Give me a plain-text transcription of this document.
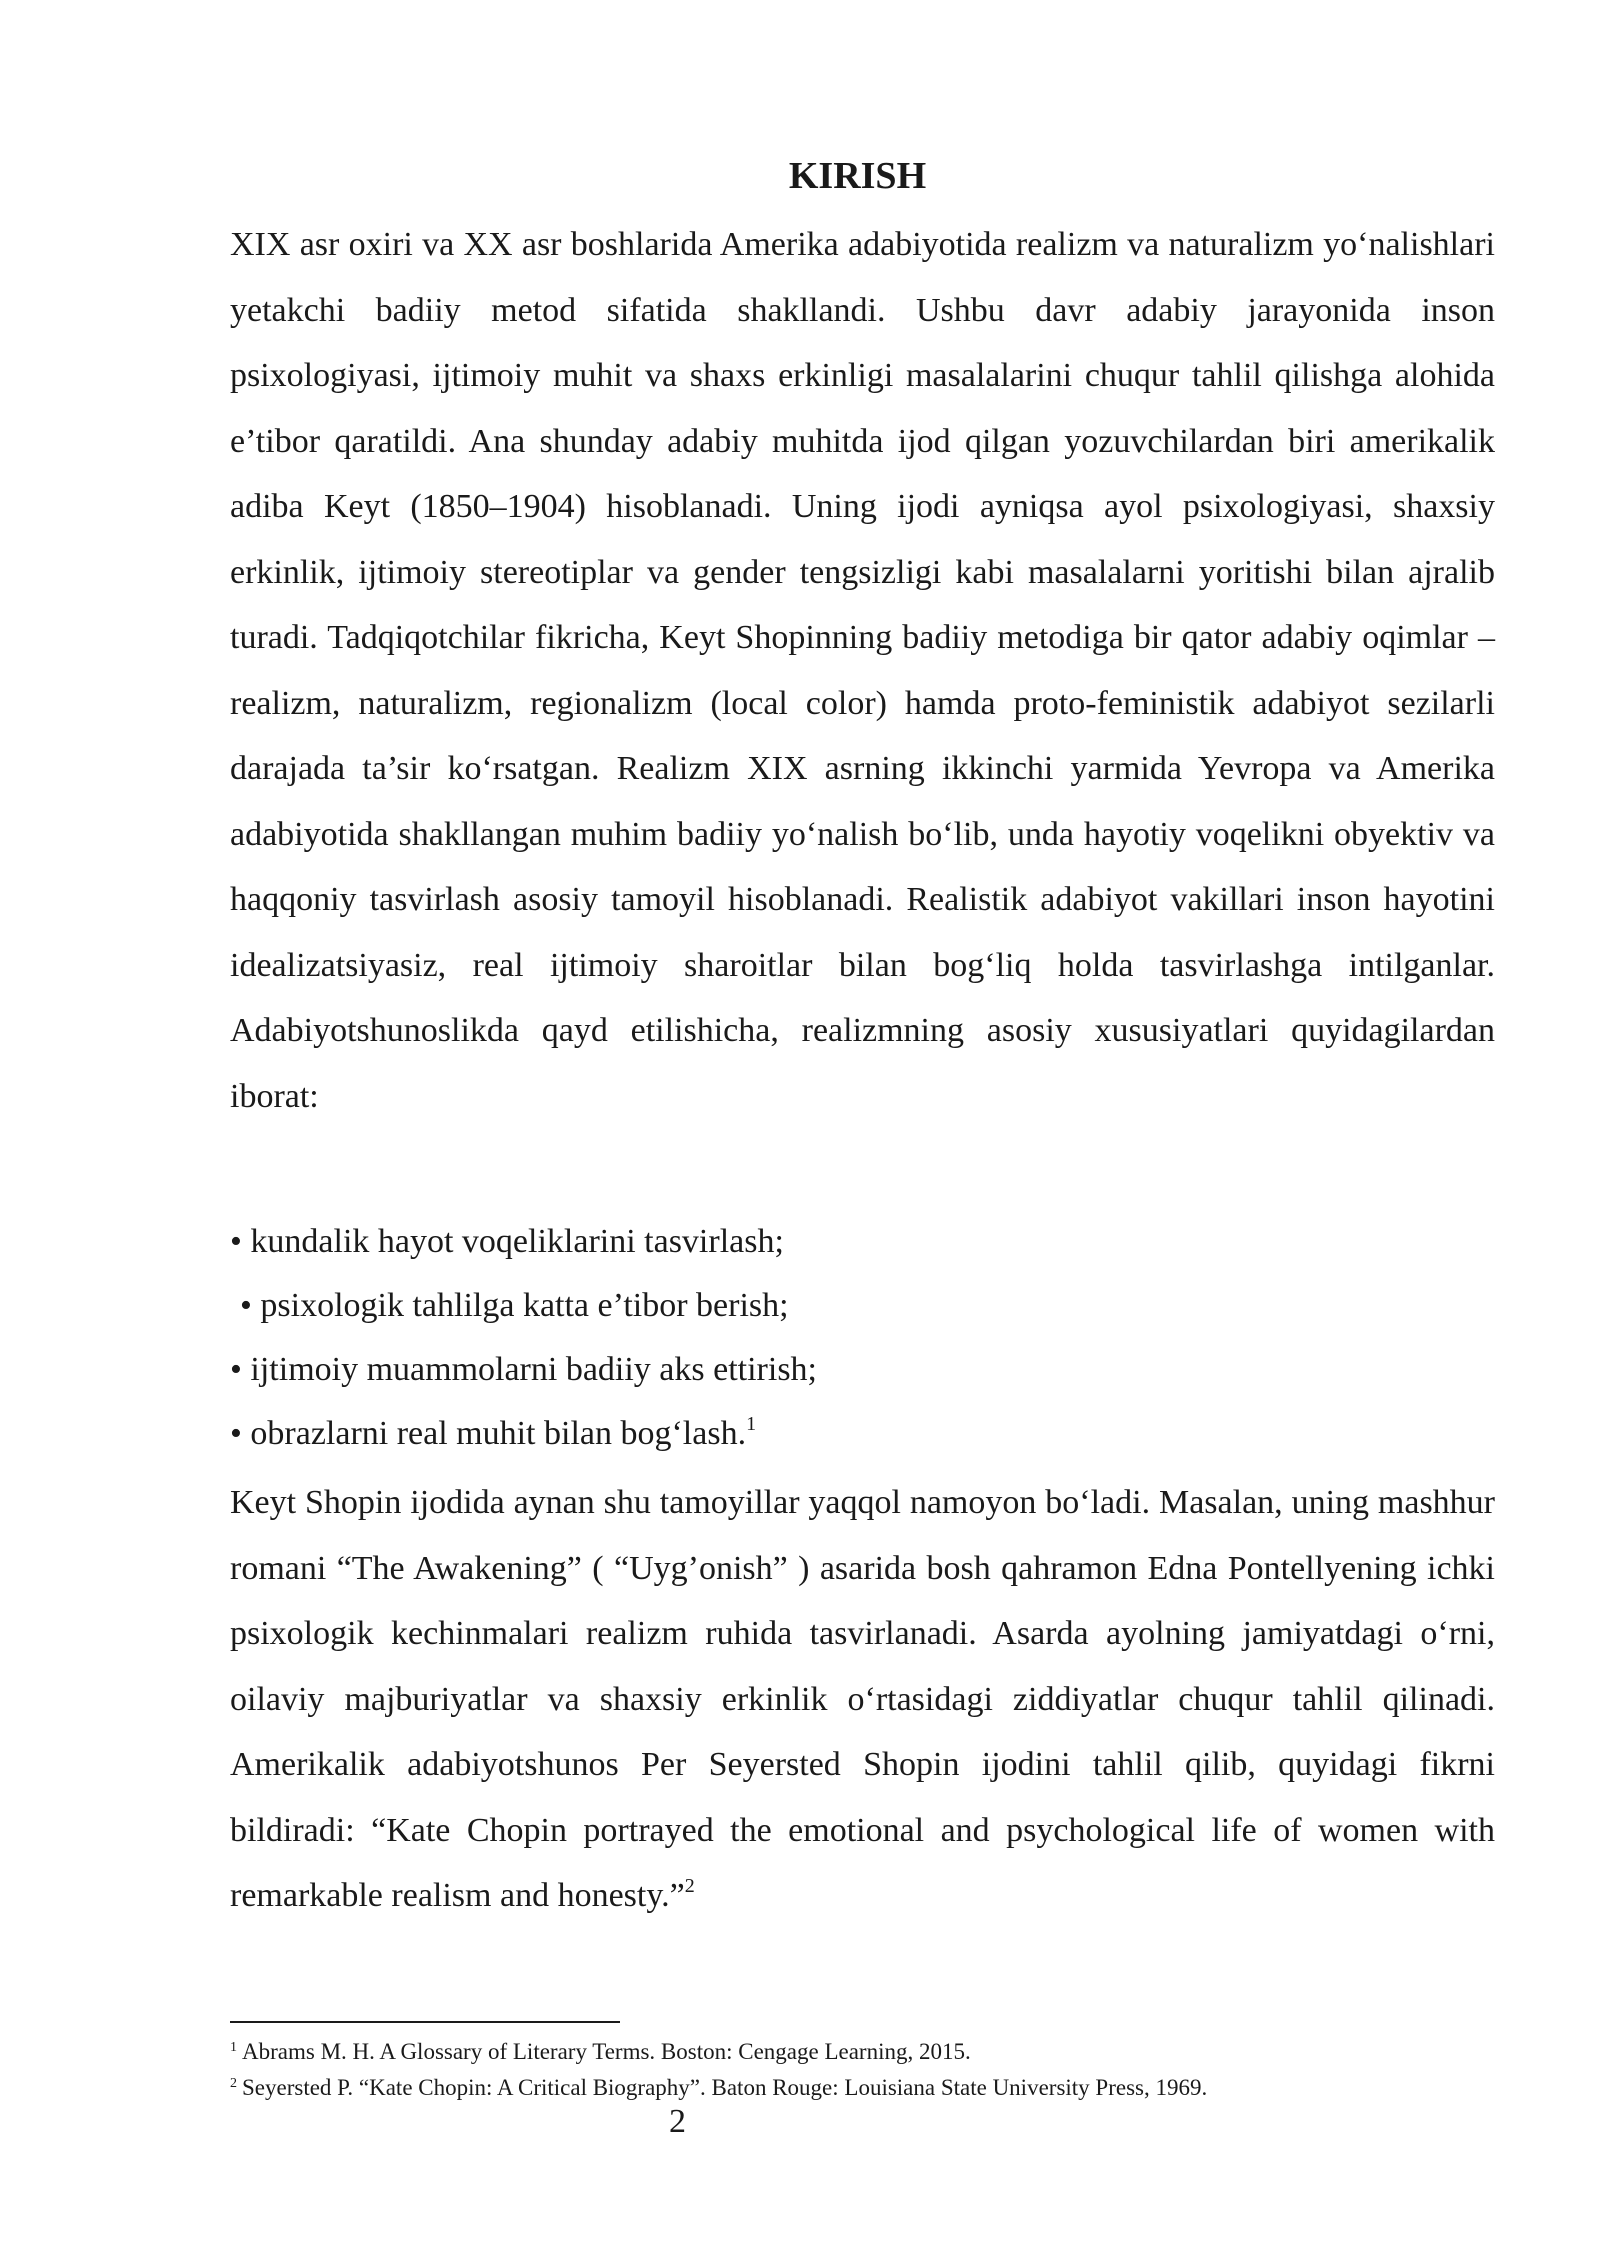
KIRISH

XIX asr oxiri va XX asr boshlarida Amerika adabiyotida realizm va naturalizm yo‘nalishlari yetakchi badiiy metod sifatida shakllandi. Ushbu davr adabiy jarayonida inson psixologiyasi, ijtimoiy muhit va shaxs erkinligi masalalarini chuqur tahlil qilishga alohida e’tibor qaratildi. Ana shunday adabiy muhitda ijod qilgan yozuvchilardan biri amerikalik adiba Keyt (1850–1904) hisoblanadi. Uning ijodi ayniqsa ayol psixologiyasi, shaxsiy erkinlik, ijtimoiy stereotiplar va gender tengsizligi kabi masalalarni yoritishi bilan ajralib turadi. Tadqiqotchilar fikricha, Keyt Shopinning badiiy metodiga bir qator adabiy oqimlar – realizm, naturalizm, regionalizm (local color) hamda proto-feministik adabiyot sezilarli darajada ta’sir ko‘rsatgan. Realizm XIX asrning ikkinchi yarmida Yevropa va Amerika adabiyotida shakllangan muhim badiiy yo‘nalish bo‘lib, unda hayotiy voqelikni obyektiv va haqqoniy tasvirlash asosiy tamoyil hisoblanadi. Realistik adabiyot vakillari inson hayotini idealizatsiyasiz, real ijtimoiy sharoitlar bilan bog‘liq holda tasvirlashga intilganlar. Adabiyotshunoslikda qayd etilishicha, realizmning asosiy xususiyatlari quyidagilardan iborat:

• kundalik hayot voqeliklarini tasvirlash;
• psixologik tahlilga katta e’tibor berish;
• ijtimoiy muammolarni badiiy aks ettirish;
• obrazlarni real muhit bilan bog‘lash.$^1$

Keyt Shopin ijodida aynan shu tamoyillar yaqqol namoyon bo‘ladi. Masalan, uning mashhur romani “The Awakening” ( “Uyg’onish” ) asarida bosh qahramon Edna Pontellyening ichki psixologik kechinmalari realizm ruhida tasvirlanadi. Asarda ayolning jamiyatdagi o‘rni, oilaviy majburiyatlar va shaxsiy erkinlik o‘rtasidagi ziddiyatlar chuqur tahlil qilinadi. Amerikalik adabiyotshunos Per Seyersted Shopin ijodini tahlil qilib, quyidagi fikrni bildiradi: “Kate Chopin portrayed the emotional and psychological life of women with remarkable realism and honesty.”$^2$

$^1$ Abrams M. H. A Glossary of Literary Terms. Boston: Cengage Learning, 2015.
$^2$ Seyersted P. “Kate Chopin: A Critical Biography”. Baton Rouge: Louisiana State University Press, 1969.
2
